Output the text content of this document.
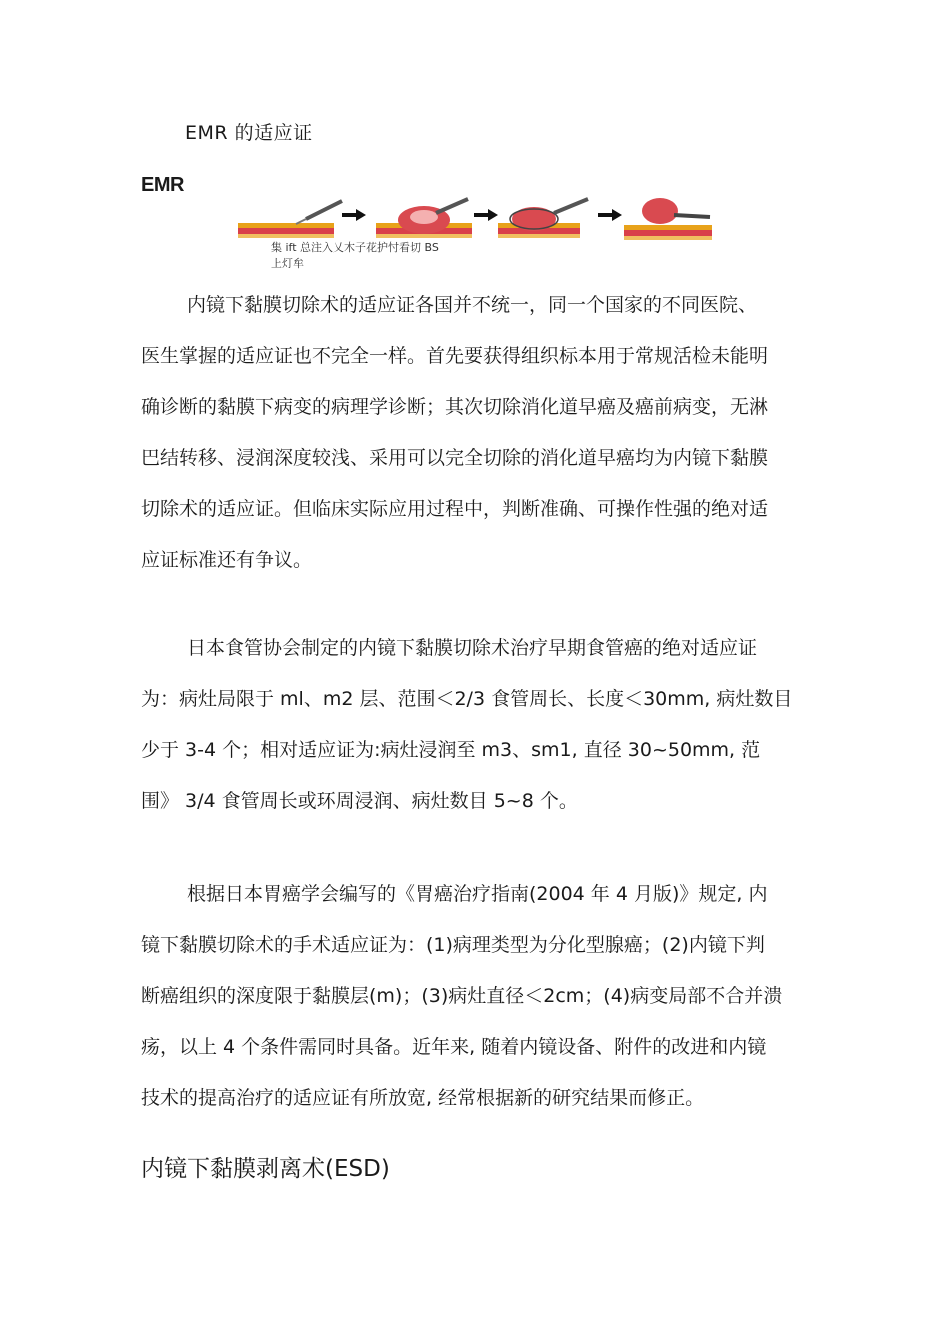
EMR 的适应证
EMR
集 ift 总注入乂木子花护忖看切 BS
上灯牟
内镜下黏膜切除术的适应证各国并不统一，同一个国家的不同医院、
医生掌握的适应证也不完全一样。首先要获得组织标本用于常规活检未能明
确诊断的黏膜下病变的病理学诊断；其次切除消化道早癌及癌前病变，无淋
巴结转移、浸润深度较浅、采用可以完全切除的消化道早癌均为内镜下黏膜
切除术的适应证。但临床实际应用过程中，判断准确、可操作性强的绝对适
应证标准还有争议。
日本食管协会制定的内镜下黏膜切除术治疗早期食管癌的绝对适应证
为：病灶局限于 ml、m2 层、范围＜2/3 食管周长、长度＜30mm, 病灶数目
少于 3-4 个；相对适应证为:病灶浸润至 m3、sm1, 直径 30~50mm, 范
围》 3/4 食管周长或环周浸润、病灶数目 5~8 个。
根据日本胃癌学会编写的《胃癌治疗指南(2004 年 4 月版)》规定, 内
镜下黏膜切除术的手术适应证为：(1)病理类型为分化型腺癌；(2)内镜下判
断癌组织的深度限于黏膜层(m)；(3)病灶直径＜2cm；(4)病变局部不合并溃
疡，以上 4 个条件需同时具备。近年来, 随着内镜设备、附件的改进和内镜
技术的提高治疗的适应证有所放宽, 经常根据新的研究结果而修正。
内镜下黏膜剥离术(ESD)
